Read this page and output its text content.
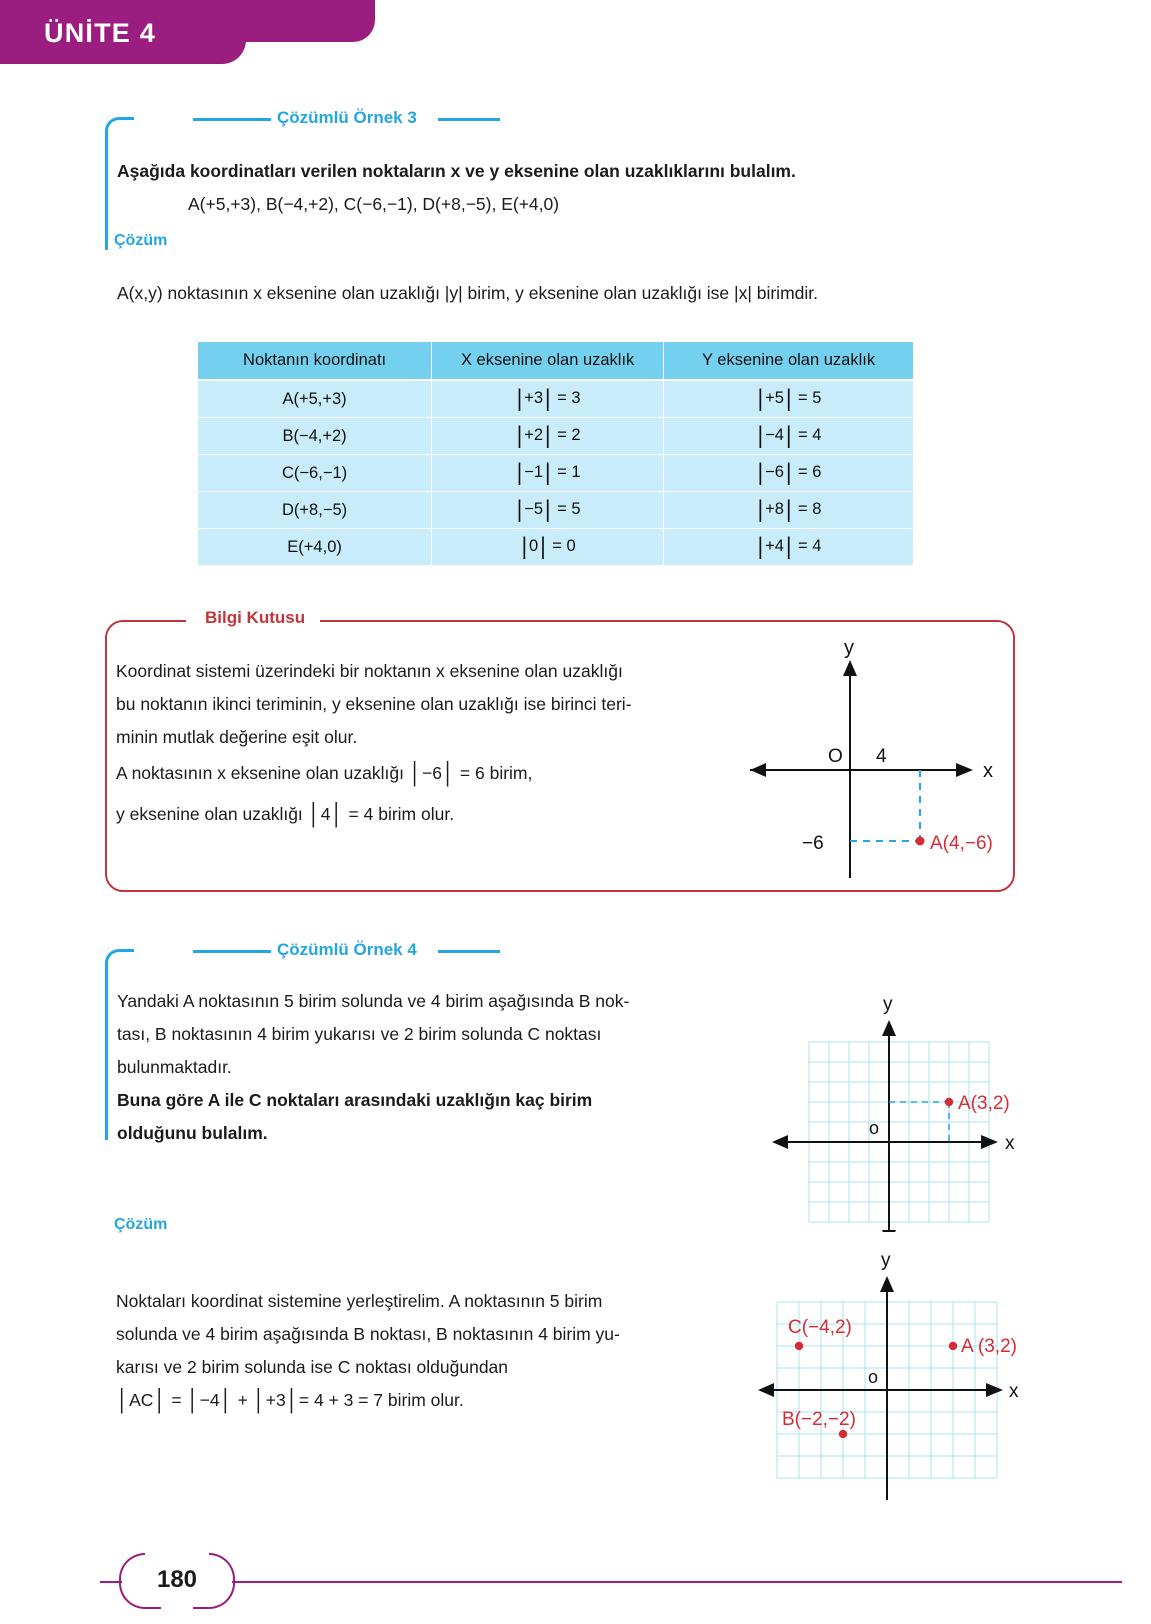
ÜNİTE 4
Çözümlü Örnek 3
Aşağıda koordinatları verilen noktaların x ve y eksenine olan uzaklıklarını bulalım.
A(+5,+3), B(−4,+2), C(−6,−1), D(+8,−5), E(+4,0)
Çözüm
A(x,y) noktasının x eksenine olan uzaklığı |y| birim, y eksenine olan uzaklığı ise |x| birimdir.
Noktanın koordinatı	X eksenine olan uzaklık	Y eksenine olan uzaklık
A(+5,+3)	| +3| = 3	| +5| = 5
B(−4,+2)	| +2| = 2	| −4| = 4
C(−6,−1)	| −1| = 1	| −6| = 6
D(+8,−5)	| −5| = 5	| +8| = 8
E(+4,0)	| 0| = 0	| +4| = 4
Bilgi Kutusu
Koordinat sistemi üzerindeki bir noktanın x eksenine olan uzaklığı
bu noktanın ikinci teriminin, y eksenine olan uzaklığı ise birinci teri-
minin mutlak değerine eşit olur.
A noktasının x eksenine olan uzaklığı │−6│ = 6 birim,
y eksenine olan uzaklığı │4│ = 4 birim olur.
y
x
O 4
−6	A(4,−6)
Çözümlü Örnek 4
Yandaki A noktasının 5 birim solunda ve 4 birim aşağısında B nok-
tası, B noktasının 4 birim yukarısı ve 2 birim solunda C noktası
bulunmaktadır.
Buna göre A ile C noktaları arasındaki uzaklığın kaç birim
olduğunu bulalım.
Çözüm
Noktaları koordinat sistemine yerleştirelim. A noktasının 5 birim
solunda ve 4 birim aşağısında B noktası, B noktasının 4 birim yu-
karısı ve 2 birim solunda ise C noktası olduğundan
│AC│ = │−4│ + │+3│= 4 + 3 = 7 birim olur.
y
x
o
A(3,2)
y
x
o
C(−4,2)
A (3,2)
B(−2,−2)
180
